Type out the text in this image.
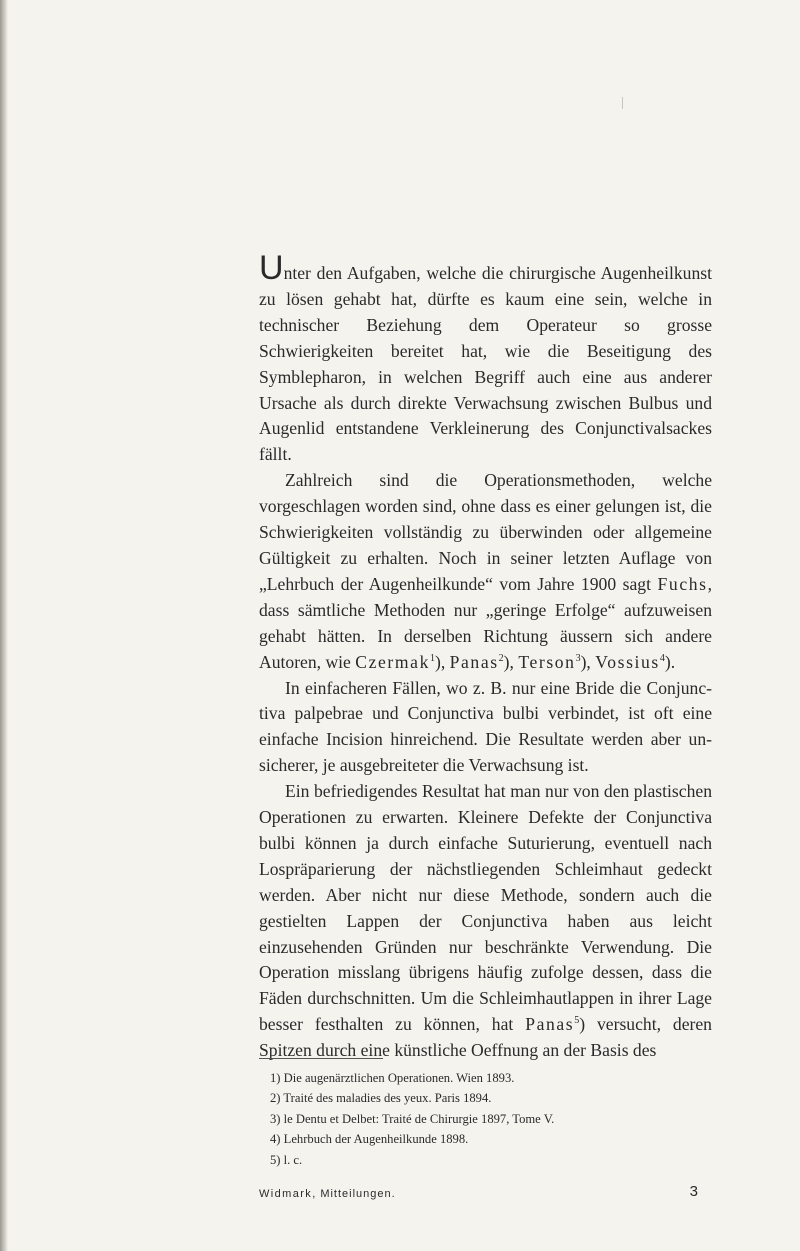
Unter den Aufgaben, welche die chirurgische Augenheilkunst zu lösen gehabt hat, dürfte es kaum eine sein, welche in technischer Beziehung dem Operateur so grosse Schwierigkeiten bereitet hat, wie die Beseitigung des Symblepharon, in welchen Begriff auch eine aus anderer Ursache als durch direkte Verwachsung zwischen Bulbus und Augenlid entstandene Verkleinerung des Conjunctivalsackes fällt.

Zahlreich sind die Operationsmethoden, welche vorgeschlagen worden sind, ohne dass es einer gelungen ist, die Schwierigkeiten vollständig zu überwinden oder allgemeine Gültigkeit zu erhalten. Noch in seiner letzten Auflage von „Lehrbuch der Augenheilkunde“ vom Jahre 1900 sagt Fuchs, dass sämtliche Methoden nur „geringe Erfolge“ aufzuweisen gehabt hätten. In derselben Richtung äussern sich andere Autoren, wie Czermak$^1$), Panas$^2$), Terson$^3$), Vossius$^4$).

In einfacheren Fällen, wo z. B. nur eine Bride die Conjunctiva palpebrae und Conjunctiva bulbi verbindet, ist oft eine einfache Incision hinreichend. Die Resultate werden aber unsicherer, je ausgebreiteter die Verwachsung ist.

Ein befriedigendes Resultat hat man nur von den plastischen Operationen zu erwarten. Kleinere Defekte der Conjunctiva bulbi können ja durch einfache Suturierung, eventuell nach Lospräparierung der nächstliegenden Schleimhaut gedeckt werden. Aber nicht nur diese Methode, sondern auch die gestielten Lappen der Conjunctiva haben aus leicht einzusehenden Gründen nur beschränkte Verwendung. Die Operation misslang übrigens häufig zufolge dessen, dass die Fäden durchschnitten. Um die Schleimhautlappen in ihrer Lage besser festhalten zu können, hat Panas$^5$) versucht, deren Spitzen durch eine künstliche Oeffnung an der Basis des

1) Die augenärztlichen Operationen. Wien 1893.
2) Traité des maladies des yeux. Paris 1894.
3) le Dentu et Delbet: Traité de Chirurgie 1897, Tome V.
4) Lehrbuch der Augenheilkunde 1898.
5) l. c.
Widmark, Mitteilungen.	3
